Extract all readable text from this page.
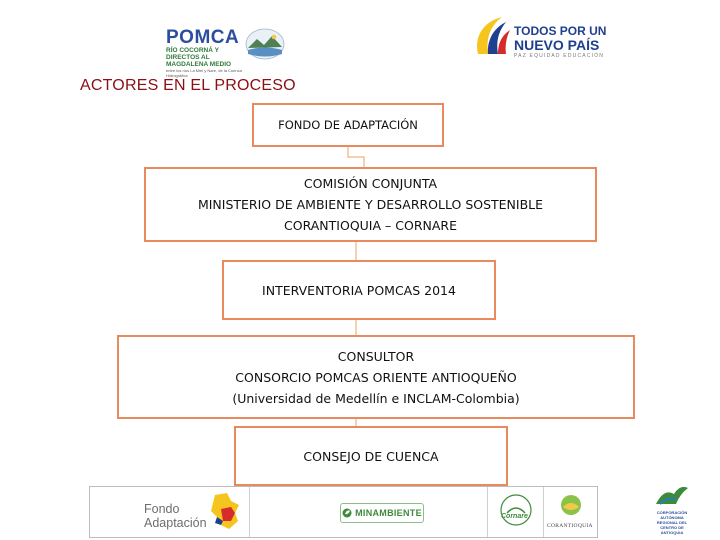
POMCA
RÍO COCORNÁ Y DIRECTOS AL MAGDALENA MEDIO
entre los ríos La Miel y Nare, de la Cuenca Hidrográfica
TODOS POR UN
NUEVO PAÍS
PAZ EQUIDAD EDUCACIÓN
ACTORES EN EL PROCESO
FONDO DE ADAPTACIÓN
COMISIÓN CONJUNTA
MINISTERIO DE AMBIENTE Y DESARROLLO SOSTENIBLE
CORANTIOQUIA – CORNARE
INTERVENTORIA POMCAS 2014
CONSULTOR
CONSORCIO POMCAS ORIENTE ANTIOQUEÑO
(Universidad de Medellín e INCLAM-Colombia)
CONSEJO DE CUENCA
Fondo
Adaptación
MINAMBIENTE	Cornare
CORANTIOQUIA
CORPORACIÓN AUTÓNOMA REGIONAL DEL CENTRO DE ANTIOQUIA
